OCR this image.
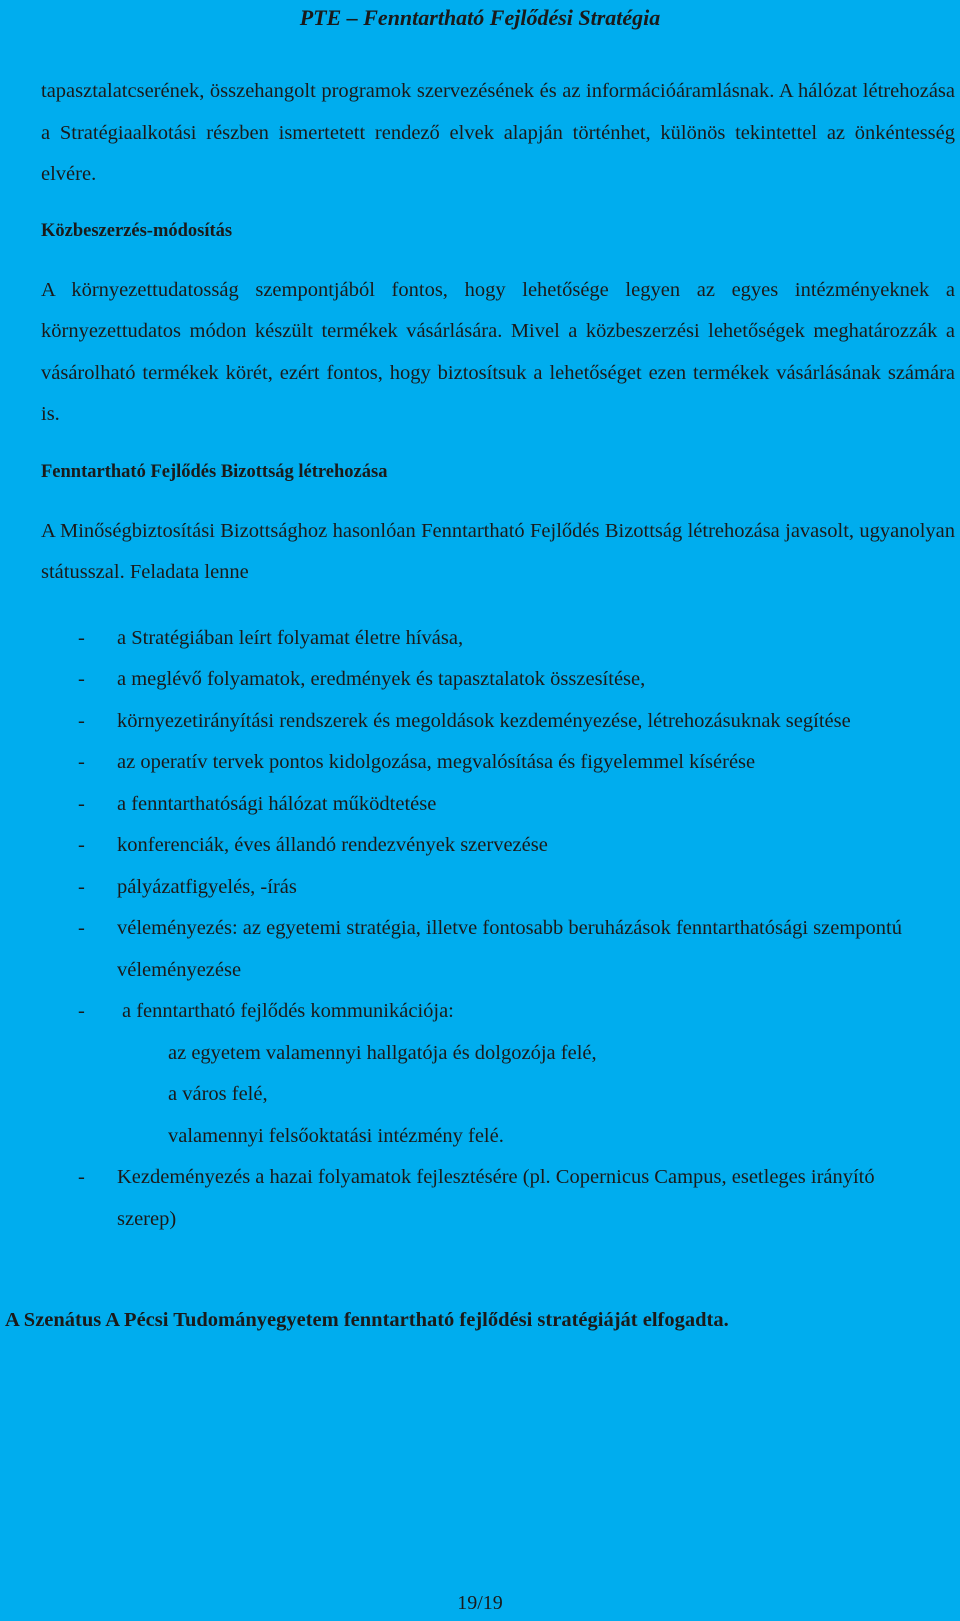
PTE – Fenntartható Fejlődési Stratégia

tapasztalatcserének, összehangolt programok szervezésének és az információáramlásnak. A hálózat létrehozása a Stratégiaalkotási részben ismertetett rendező elvek alapján történhet, különös tekintettel az önkéntesség elvére.

Közbeszerzés-módosítás

A környezettudatosság szempontjából fontos, hogy lehetősége legyen az egyes intézményeknek a környezettudatos módon készült termékek vásárlására. Mivel a közbeszerzési lehetőségek meghatározzák a vásárolható termékek körét, ezért fontos, hogy biztosítsuk a lehetőséget ezen termékek vásárlásának számára is.

Fenntartható Fejlődés Bizottság létrehozása

A Minőségbiztosítási Bizottsághoz hasonlóan Fenntartható Fejlődés Bizottság létrehozása javasolt, ugyanolyan státusszal. Feladata lenne

- a Stratégiában leírt folyamat életre hívása,
- a meglévő folyamatok, eredmények és tapasztalatok összesítése,
- környezetirányítási rendszerek és megoldások kezdeményezése, létrehozásuknak segítése
- az operatív tervek pontos kidolgozása, megvalósítása és figyelemmel kísérése
- a fenntarthatósági hálózat működtetése
- konferenciák, éves állandó rendezvények szervezése
- pályázatfigyelés, -írás
- véleményezés: az egyetemi stratégia, illetve fontosabb beruházások fenntarthatósági szempontú véleményezése
- a fenntartható fejlődés kommunikációja:
az egyetem valamennyi hallgatója és dolgozója felé,
a város felé,
valamennyi felsőoktatási intézmény felé.
- Kezdeményezés a hazai folyamatok fejlesztésére (pl. Copernicus Campus, esetleges irányító szerep)

A Szenátus A Pécsi Tudományegyetem fenntartható fejlődési stratégiáját elfogadta.

19/19
